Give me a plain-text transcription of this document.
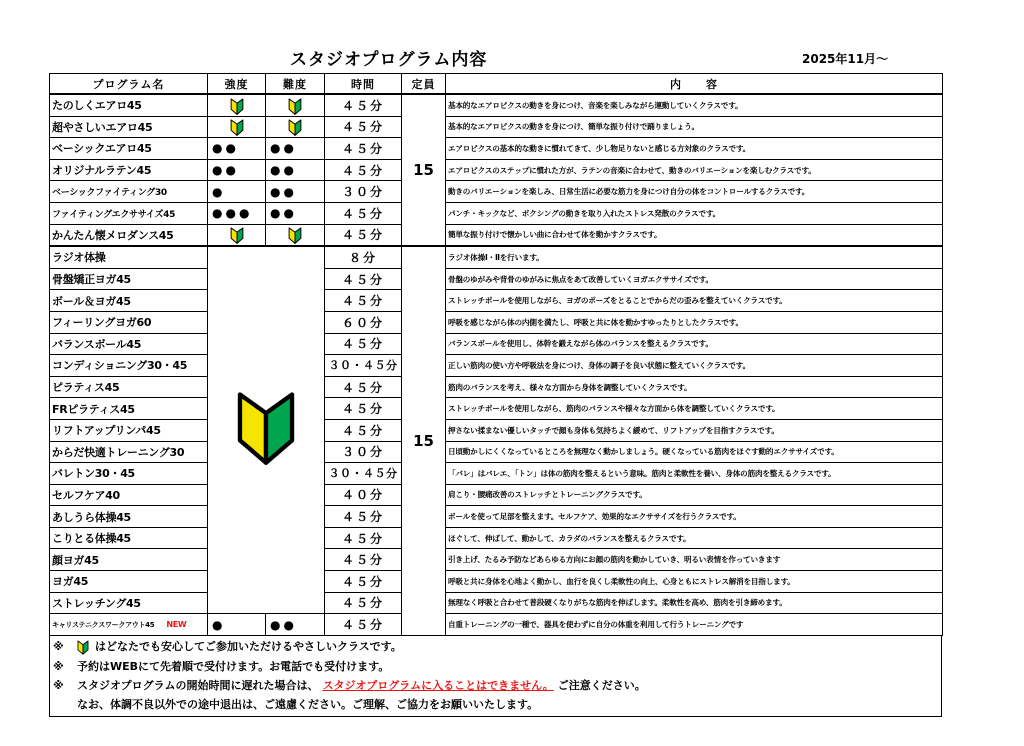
スタジオプログラム内容	2025年11月～
プログラム名	強度	難度	時間	定員	内　　容
たのしくエアロ45			４５分	15	基本的なエアロビクスの動きを身につけ、音楽を楽しみながら運動していくクラスです。
超やさしいエアロ45			４５分		基本的なエアロビクスの動きを身につけ、簡単な振り付けで踊りましょう。
ベーシックエアロ45	●●	●●	４５分		エアロビクスの基本的な動きに慣れてきて、少し物足りないと感じる方対象のクラスです。
オリジナルラテン45	●●	●●	４５分		エアロビクスのステップに慣れた方が、ラテンの音楽に合わせて、動きのバリエーションを楽しむクラスです。
ベーシックファイティング30	●	●●	３０分		動きのバリエーションを楽しみ、日常生活に必要な筋力を身につけ自分の体をコントロールするクラスです。
ファイティングエクササイズ45	●●●	●●	４５分		パンチ・キックなど、ボクシングの動きを取り入れたストレス発散のクラスです。
かんたん懐メロダンス45			４５分		簡単な振り付けで懐かしい曲に合わせて体を動かすクラスです。
ラジオ体操			８分	15	ラジオ体操Ⅰ・Ⅱを行います。
骨盤矯正ヨガ45			４５分		骨盤のゆがみや背骨のゆがみに焦点をあて改善していくヨガエクササイズです。
ボール＆ヨガ45			４５分		ストレッチポールを使用しながら、ヨガのポーズをとることでからだの歪みを整えていくクラスです。
フィーリングヨガ60			６０分		呼吸を感じながら体の内側を満たし、呼吸と共に体を動かすゆったりとしたクラスです。
バランスボール45			４５分		バランスボールを使用し、体幹を鍛えながら体のバランスを整えるクラスです。
コンディショニング30・45			３０・４５分		正しい筋肉の使い方や呼吸法を身につけ、身体の調子を良い状態に整えていくクラスです。
ピラティス45			４５分		筋肉のバランスを考え、様々な方面から身体を調整していくクラスです。
FRピラティス45			４５分		ストレッチポールを使用しながら、筋肉のバランスや様々な方面から体を調整していくクラスです。
リフトアップリンパ45			４５分		押さない揉まない優しいタッチで顔も身体も気持ちよく緩めて、リフトアップを目指すクラスです。
からだ快適トレーニング30			３０分		日頃動かしにくくなっているところを無理なく動かしましょう。硬くなっている筋肉をほぐす動的エクササイズです。
バレトン30・45			３０・４５分		「バレ」はバレエ、「トン」は体の筋肉を整えるという意味。筋肉と柔軟性を養い、身体の筋肉を整えるクラスです。
セルフケア40			４０分		肩こり・腰痛改善のストレッチとトレーニングクラスです。
あしうら体操45			４５分		ボールを使って足部を整えます。セルフケア、効果的なエクササイズを行うクラスです。
こりとる体操45			４５分		ほぐして、伸ばして、動かして、カラダのバランスを整えるクラスです。
顔ヨガ45			４５分		引き上げ、たるみ予防などあらゆる方向にお顔の筋肉を動かしていき、明るい表情を作っていきます
ヨガ45			４５分		呼吸と共に身体を心地よく動かし、血行を良くし柔軟性の向上、心身ともにストレス解消を目指します。
ストレッチング45			４５分		無理なく呼吸と合わせて普段硬くなりがちな筋肉を伸ばします。柔軟性を高め、筋肉を引き締めます。
キャリステニクスワークアウト45 NEW	●	●●	４５分		自重トレーニングの一種で、器具を使わずに自分の体重を利用して行うトレーニングです
※	はどなたでも安心してご参加いただけるやさしいクラスです。
※ 予約はWEBにて先着順で受付けます。お電話でも受付けます。
※ スタジオプログラムの開始時間に遅れた場合は、 スタジオプログラムに入ることはできません。 ご注意ください。
なお、体調不良以外での途中退出は、ご遠慮ください。ご理解、ご協力をお願いいたします。
